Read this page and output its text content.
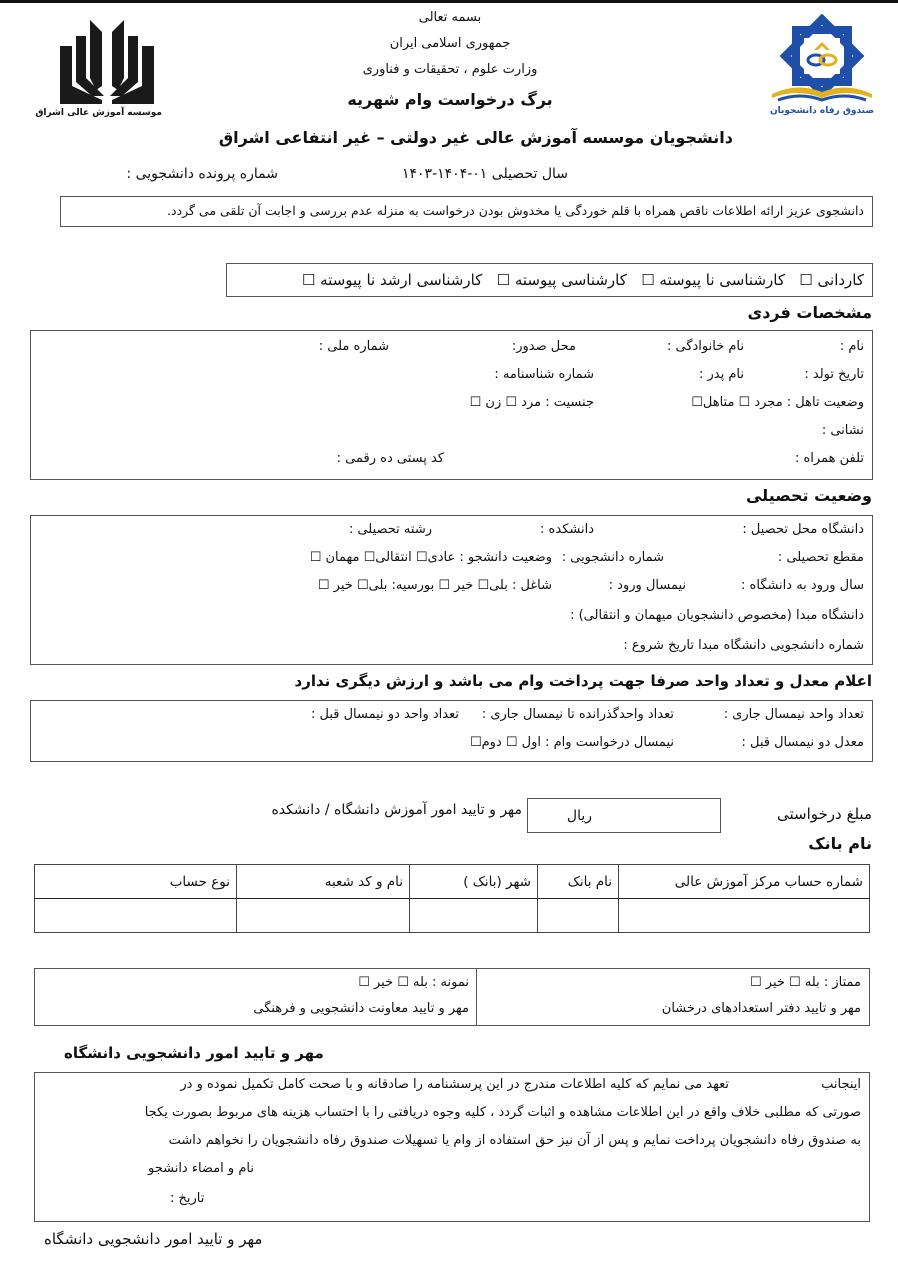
موسسه آموزش عالی اشراق	صندوق رفاه دانشجویان
بسمه تعالی
جمهوری اسلامی ایران
وزارت علوم ، تحقیقات و فناوری
برگ درخواست وام شهریه
دانشجویان موسسه آموزش عالی غیر دولتی – غیر انتفاعی اشراق
سال تحصیلی ۰۱-۱۴۰۴-۱۴۰۳
شماره پرونده دانشجویی :
دانشجوی عزیز ارائه اطلاعات ناقص همراه با قلم خوردگی یا مخدوش بودن درخواست به منزله عدم بررسی و اجابت آن تلقی می گردد.
کاردانی ☐   کارشناسی نا پیوسته ☐   کارشناسی پیوسته ☐   کارشناسی ارشد نا پیوسته ☐
مشخصات فردی
نام :
نام خانوادگی :
محل صدور:
شماره ملی :
تاریخ تولد :
نام پدر :
شماره شناسنامه :
وضعیت تاهل : مجرد ☐ متاهل☐
جنسیت : مرد ☐ زن ☐
نشانی :
تلفن همراه :
کد پستی ده رقمی :
وضعیت تحصیلی
دانشگاه محل تحصیل :
دانشکده :
رشته تحصیلی :
مقطع تحصیلی :
شماره دانشجویی :
وضعیت دانشجو : عادی☐ انتقالی☐ مهمان ☐
سال ورود به دانشگاه :
نیمسال ورود :
شاغل : بلی☐ خیر ☐ بورسیه: بلی☐ خیر ☐
دانشگاه مبدا (مخصوص دانشجویان میهمان و انتقالی) :
شماره دانشجویی دانشگاه مبدا تاریخ شروع :
اعلام معدل و تعداد واحد صرفا جهت پرداخت وام می باشد و ارزش دیگری ندارد
تعداد واحد نیمسال جاری :
تعداد واحدگذرانده تا نیمسال جاری :
تعداد واحد دو نیمسال قبل :
معدل دو نیمسال قبل :
نیمسال درخواست وام : اول ☐ دوم☐
مبلغ درخواستی
ریال
مهر و تایید امور آموزش دانشگاه / دانشکده
نام بانک
شماره حساب مرکز آموزش عالی	نام بانک	شهر (بانک )	نام و کد شعبه	نوع حساب

ممتاز : بله ☐ خیر ☐
مهر و تایید دفتر استعدادهای درخشان
نمونه : بله ☐ خیر ☐
مهر و تایید معاونت دانشجویی و فرهنگی
مهر و تایید امور دانشجویی دانشگاه
اینجانب
تعهد می نمایم که کلیه اطلاعات مندرج در این پرسشنامه را صادقانه و با صحت کامل تکمیل نموده و در
صورتی که مطلبی خلاف واقع در این اطلاعات مشاهده و اثبات گردد ، کلیه وجوه دریافتی را با احتساب هزینه های مربوط بصورت یکجا
به صندوق رفاه دانشجویان پرداخت نمایم و پس از آن نیز حق استفاده از وام یا تسهیلات صندوق رفاه دانشجویان را نخواهم داشت
نام و امضاء دانشجو
تاریخ :
مهر و تایید امور دانشجویی دانشگاه
